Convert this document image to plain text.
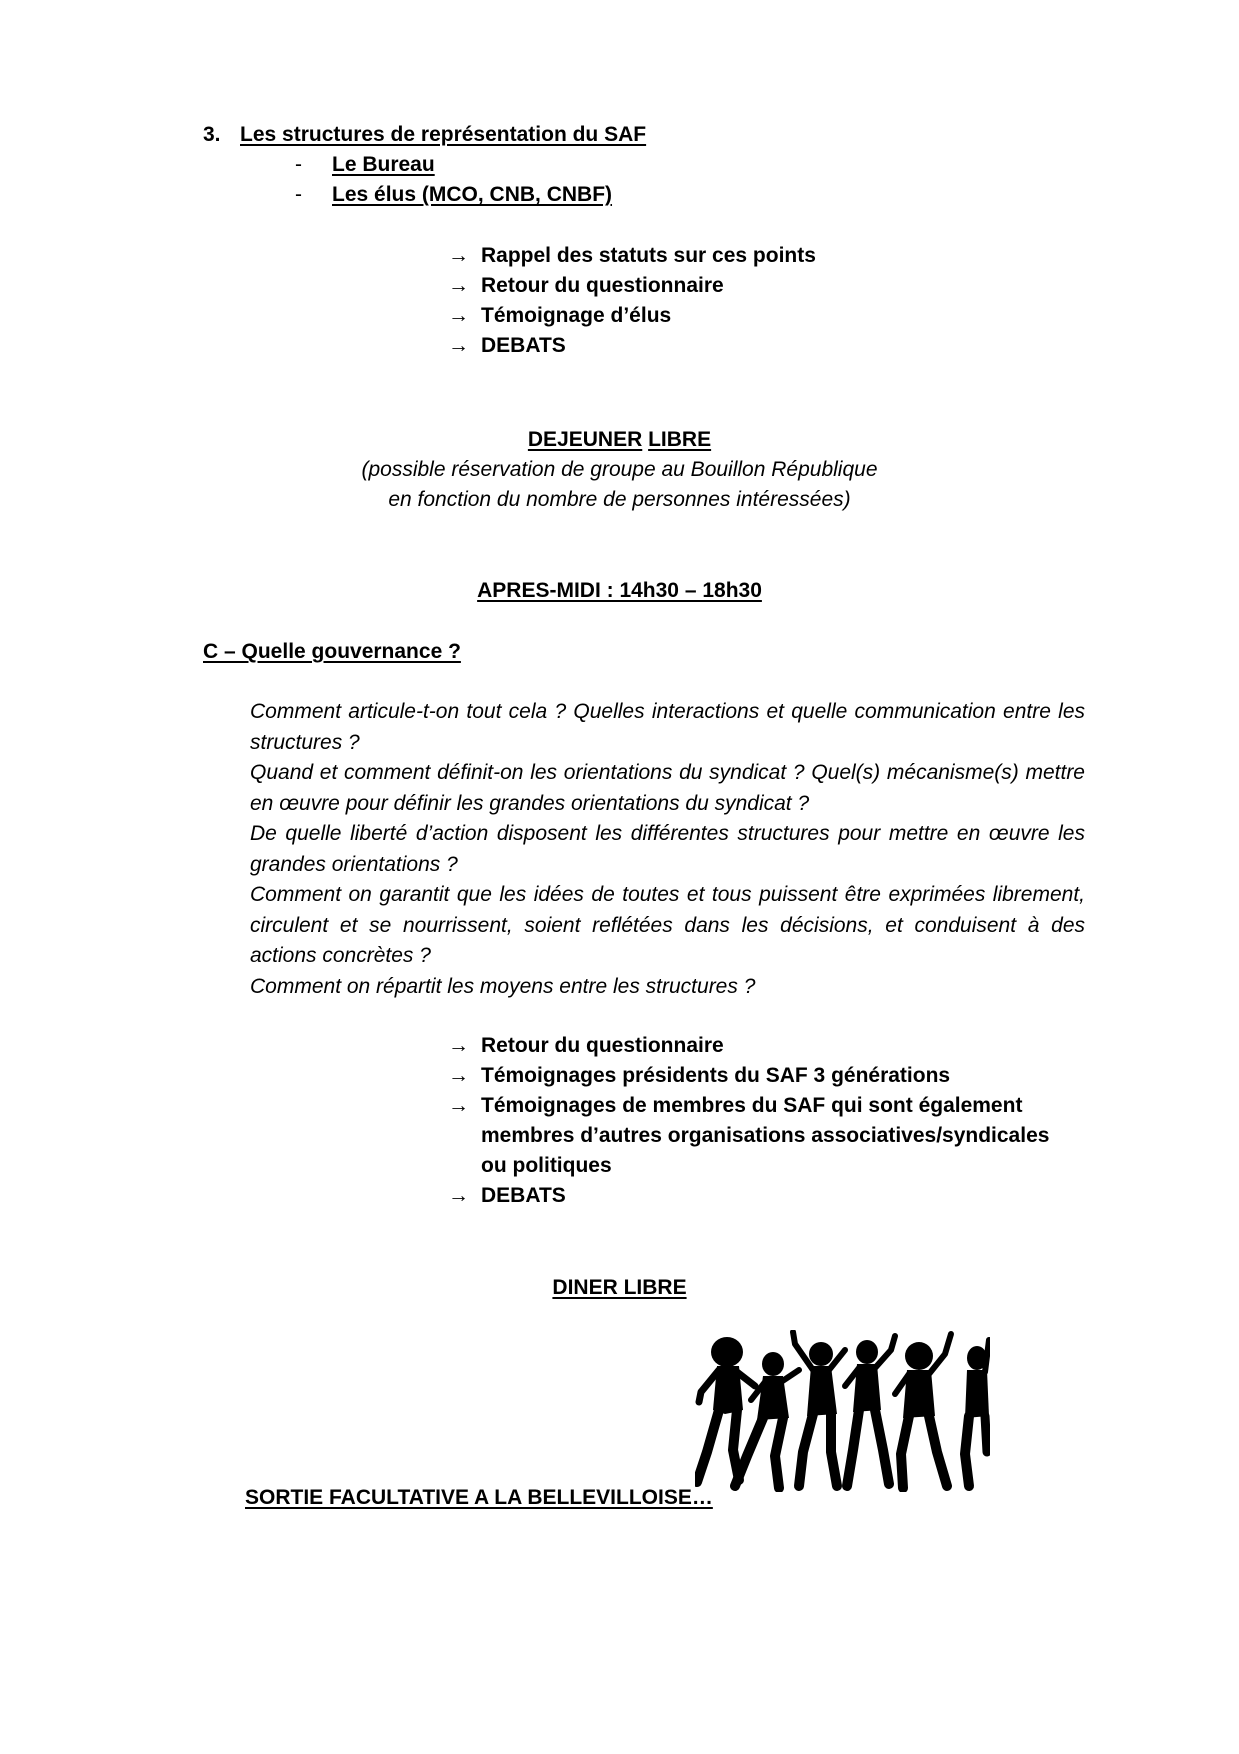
3. Les structures de représentation du SAF
- Le Bureau
- Les élus (MCO, CNB, CNBF)
→ Rappel des statuts sur ces points
→ Retour du questionnaire
→ Témoignage d’élus
→ DEBATS
DEJEUNER LIBRE
(possible réservation de groupe au Bouillon République
en fonction du nombre de personnes intéressées)
APRES-MIDI : 14h30 – 18h30
C – Quelle gouvernance ?

Comment articule-t-on tout cela ? Quelles interactions et quelle communication entre les structures ?

Quand et comment définit-on les orientations du syndicat ? Quel(s) mécanisme(s) mettre en œuvre pour définir les grandes orientations du syndicat ?

De quelle liberté d’action disposent les différentes structures pour mettre en œuvre les grandes orientations ?

Comment on garantit que les idées de toutes et tous puissent être exprimées librement, circulent et se nourrissent, soient reflétées dans les décisions, et conduisent à des actions concrètes ?

Comment on répartit les moyens entre les structures ?

→ Retour du questionnaire
→ Témoignages présidents du SAF 3 générations
→ Témoignages de membres du SAF qui sont également
membres d’autres organisations associatives/syndicales
ou politiques
→ DEBATS
DINER LIBRE
SORTIE FACULTATIVE A LA BELLEVILLOISE…
